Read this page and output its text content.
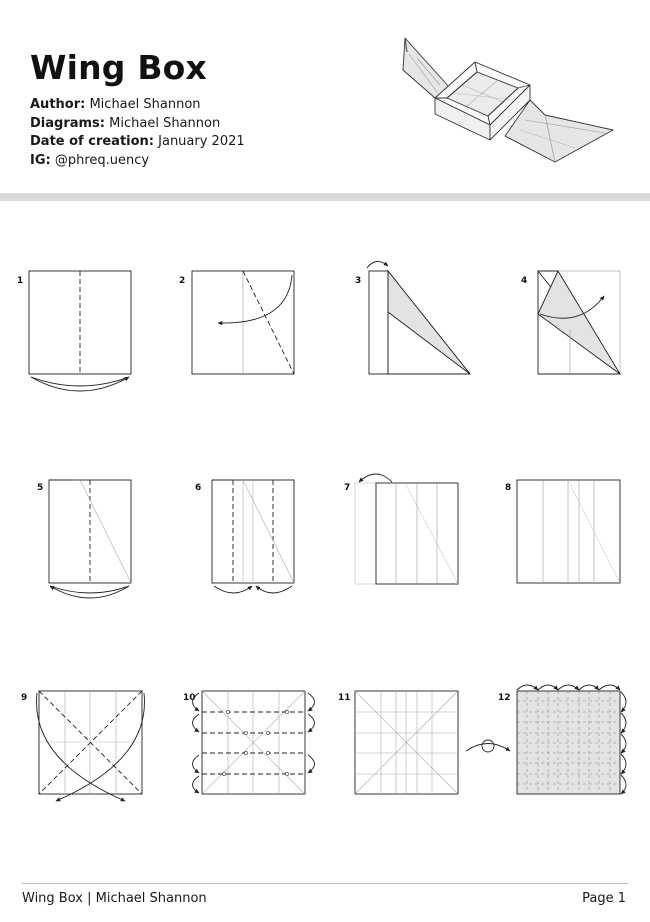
Wing Box
Author: Michael Shannon
Diagrams: Michael Shannon
Date of creation: January 2021
IG: @phreq.uency
1	2	3	4
5	6	7	8
9	10	11	12
Wing Box | Michael Shannon	Page 1
